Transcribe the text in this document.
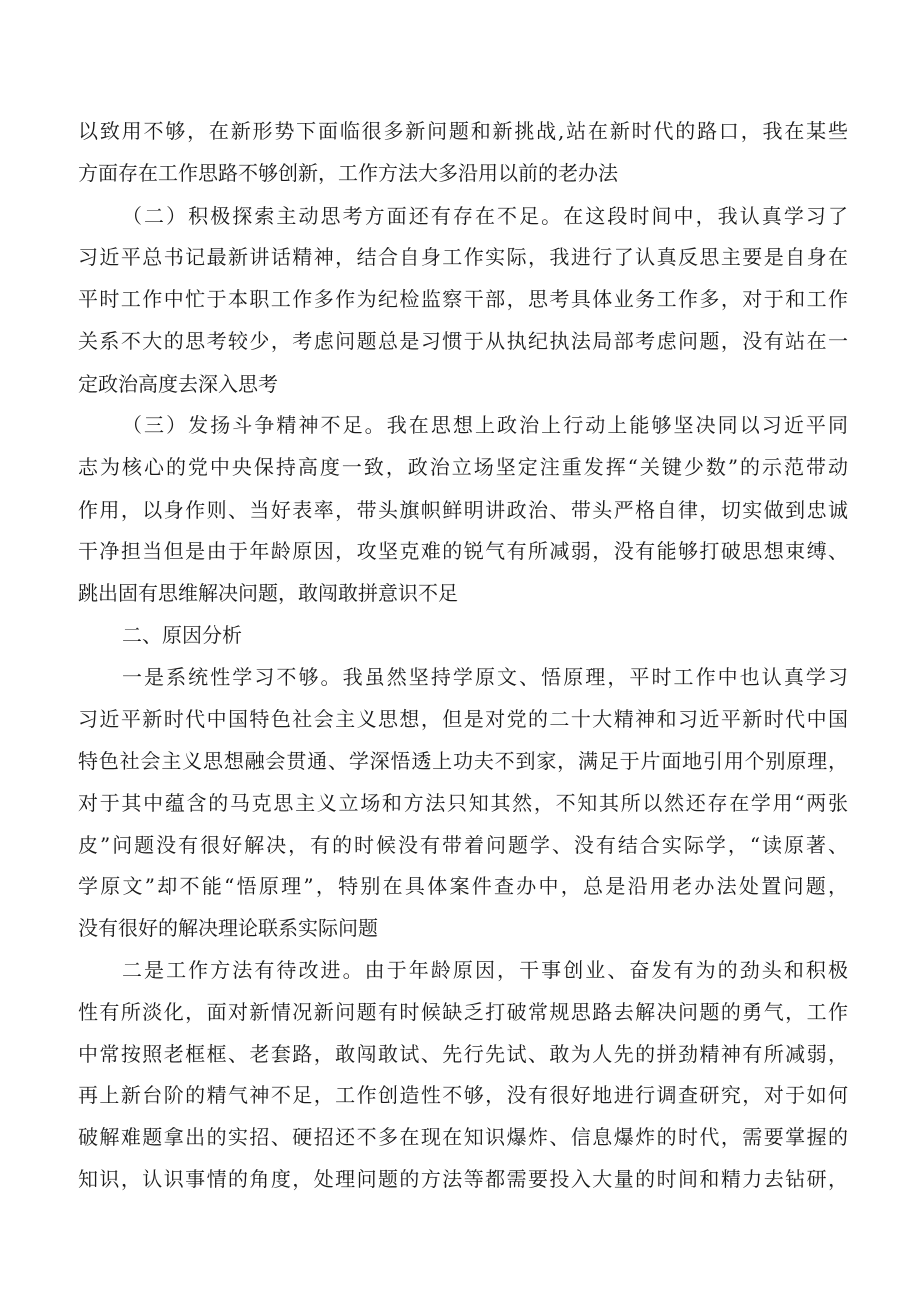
以致用不够，在新形势下面临很多新问题和新挑战,站在新时代的路口，我在某些
方面存在工作思路不够创新，工作方法大多沿用以前的老办法
（二）积极探索主动思考方面还有存在不足。在这段时间中，我认真学习了
习近平总书记最新讲话精神，结合自身工作实际，我进行了认真反思主要是自身在
平时工作中忙于本职工作多作为纪检监察干部，思考具体业务工作多，对于和工作
关系不大的思考较少，考虑问题总是习惯于从执纪执法局部考虑问题，没有站在一
定政治高度去深入思考
（三）发扬斗争精神不足。我在思想上政治上行动上能够坚决同以习近平同
志为核心的党中央保持高度一致，政治立场坚定注重发挥“关键少数”的示范带动
作用，以身作则、当好表率，带头旗帜鲜明讲政治、带头严格自律，切实做到忠诚
干净担当但是由于年龄原因，攻坚克难的锐气有所减弱，没有能够打破思想束缚、
跳出固有思维解决问题，敢闯敢拼意识不足
二、原因分析
一是系统性学习不够。我虽然坚持学原文、悟原理，平时工作中也认真学习
习近平新时代中国特色社会主义思想，但是对党的二十大精神和习近平新时代中国
特色社会主义思想融会贯通、学深悟透上功夫不到家，满足于片面地引用个别原理，
对于其中蕴含的马克思主义立场和方法只知其然，不知其所以然还存在学用“两张
皮”问题没有很好解决，有的时候没有带着问题学、没有结合实际学，“读原著、
学原文”却不能“悟原理”，特别在具体案件查办中，总是沿用老办法处置问题，
没有很好的解决理论联系实际问题
二是工作方法有待改进。由于年龄原因，干事创业、奋发有为的劲头和积极
性有所淡化，面对新情况新问题有时候缺乏打破常规思路去解决问题的勇气，工作
中常按照老框框、老套路，敢闯敢试、先行先试、敢为人先的拼劲精神有所减弱，
再上新台阶的精气神不足，工作创造性不够，没有很好地进行调查研究，对于如何
破解难题拿出的实招、硬招还不多在现在知识爆炸、信息爆炸的时代，需要掌握的
知识，认识事情的角度，处理问题的方法等都需要投入大量的时间和精力去钻研，
